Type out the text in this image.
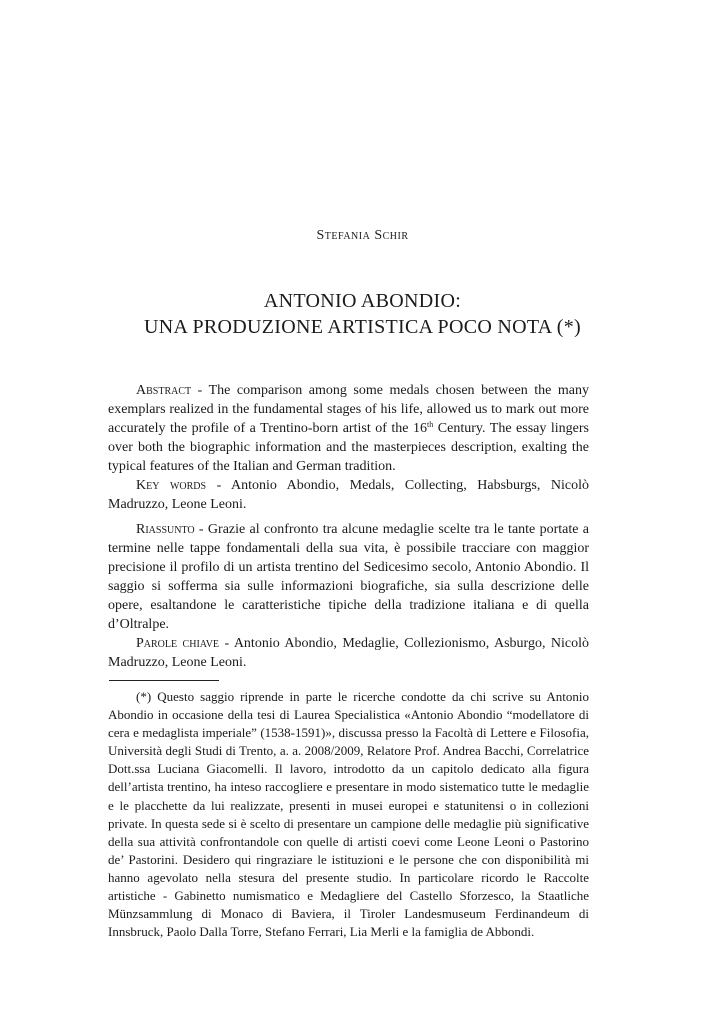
Stefania Schir
ANTONIO ABONDIO:
UNA PRODUZIONE ARTISTICA POCO NOTA (*)

Abstract - The comparison among some medals chosen between the many exemplars realized in the fundamental stages of his life, allowed us to mark out more accurately the profile of a Trentino-born artist of the 16th Century. The essay lingers over both the biographic information and the masterpieces description, exalting the typical features of the Italian and German tradition.

Key words - Antonio Abondio, Medals, Collecting, Habsburgs, Nicolò Madruzzo, Leone Leoni.

Riassunto - Grazie al confronto tra alcune medaglie scelte tra le tante portate a termine nelle tappe fondamentali della sua vita, è possibile tracciare con maggior precisione il profilo di un artista trentino del Sedicesimo secolo, Antonio Abondio. Il saggio si sofferma sia sulle informazioni biografiche, sia sulla descrizione delle opere, esaltandone le caratteristiche tipiche della tradizione italiana e di quella d’Oltralpe.

Parole chiave - Antonio Abondio, Medaglie, Collezionismo, Asburgo, Nicolò Madruzzo, Leone Leoni.

(*) Questo saggio riprende in parte le ricerche condotte da chi scrive su Antonio Abondio in occasione della tesi di Laurea Specialistica «Antonio Abondio “modellatore di cera e medaglista imperiale” (1538-1591)», discussa presso la Facoltà di Lettere e Filosofia, Università degli Studi di Trento, a. a. 2008/2009, Relatore Prof. Andrea Bacchi, Correlatrice Dott.ssa Luciana Giacomelli. Il lavoro, introdotto da un capitolo dedicato alla figura dell’artista trentino, ha inteso raccogliere e presentare in modo sistematico tutte le medaglie e le placchette da lui realizzate, presenti in musei europei e statunitensi o in collezioni private. In questa sede si è scelto di presentare un campione delle medaglie più significative della sua attività confrontandole con quelle di artisti coevi come Leone Leoni o Pastorino de’ Pastorini. Desidero qui ringraziare le istituzioni e le persone che con disponibilità mi hanno agevolato nella stesura del presente studio. In particolare ricordo le Raccolte artistiche - Gabinetto numismatico e Medagliere del Castello Sforzesco, la Staatliche Münzsammlung di Monaco di Baviera, il Tiroler Landesmuseum Ferdinandeum di Innsbruck, Paolo Dalla Torre, Stefano Ferrari, Lia Merli e la famiglia de Abbondi.
